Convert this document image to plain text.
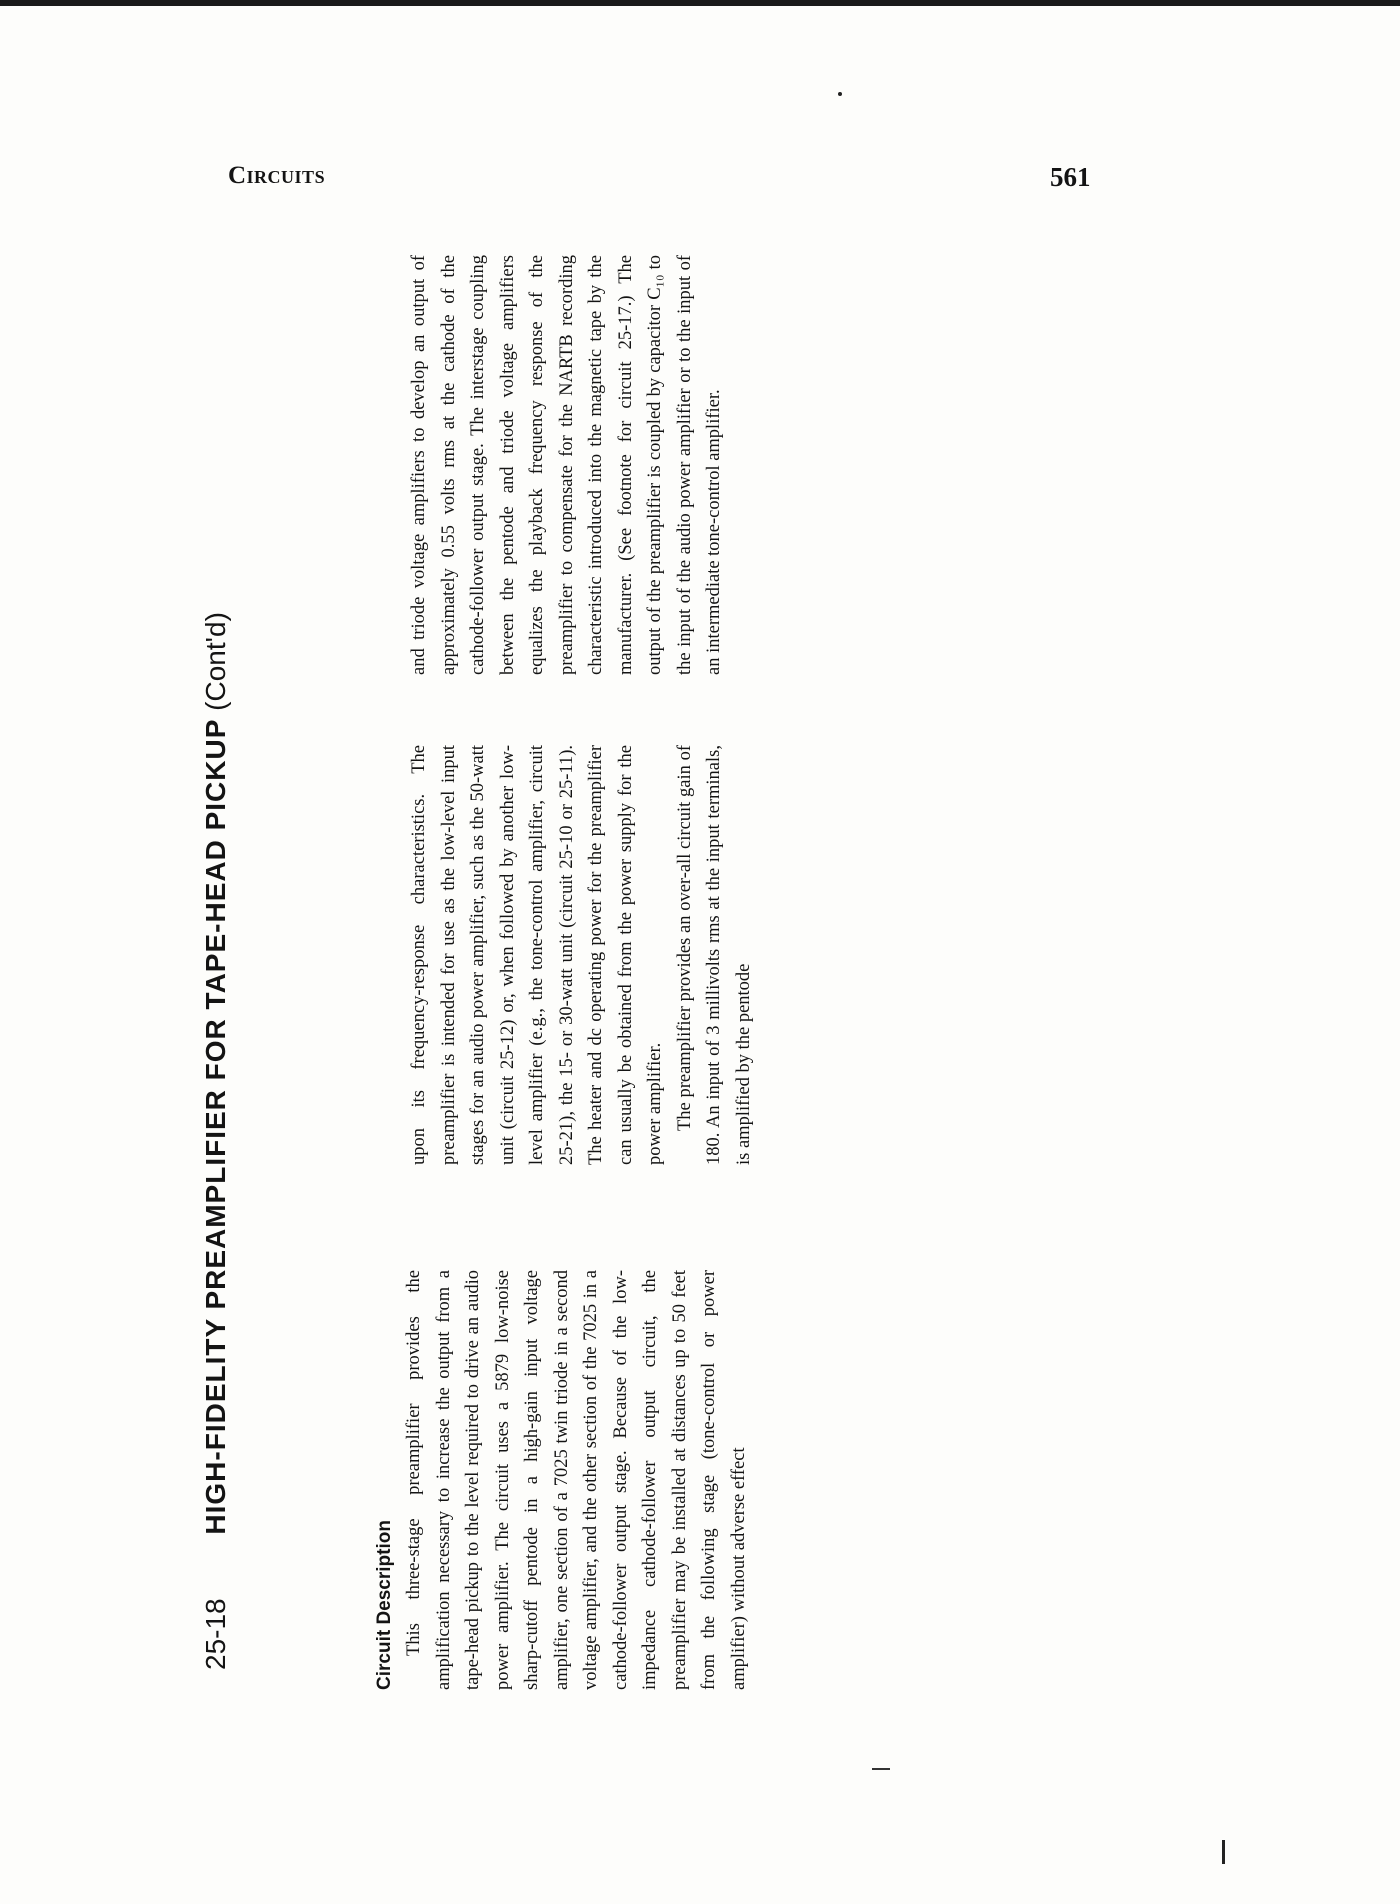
Circuits	561
25-18 HIGH-FIDELITY PREAMPLIFIER FOR TAPE-HEAD PICKUP (Cont'd)
Circuit Description This three-stage preamplifier provides the amplification necessary to increase the output from a tape-head pickup to the level required to drive an audio power amplifier. The circuit uses a 5879 low-noise sharp-cutoff pentode in a high-gain input voltage amplifier, one section of a 7025 twin triode in a second voltage amplifier, and the other section of the 7025 in a cathode-follower output stage. Because of the low-impedance cathode-follower output circuit, the preamplifier may be installed at distances up to 50 feet from the following stage (tone-control or power amplifier) without adverse effect

upon its frequency-response characteristics. The preamplifier is intended for use as the low-level input stages for an audio power amplifier, such as the 50-watt unit (circuit 25-12) or, when followed by another low-level amplifier (e.g., the tone-control amplifier, circuit 25-21), the 15- or 30-watt unit (circuit 25-10 or 25-11). The heater and dc operating power for the preamplifier can usually be obtained from the power supply for the power amplifier. The preamplifier provides an over-all circuit gain of 180. An input of 3 millivolts rms at the input terminals, is amplified by the pentode

and triode voltage amplifiers to develop an output of approximately 0.55 volts rms at the cathode of the cathode-follower output stage. The interstage coupling between the pentode and triode voltage amplifiers equalizes the playback frequency response of the preamplifier to compensate for the NARTB recording characteristic introduced into the magnetic tape by the manufacturer. (See footnote for circuit 25-17.) The output of the preamplifier is coupled by capacitor C₁₀ to the input of the audio power amplifier or to the input of an intermediate tone-control amplifier.
